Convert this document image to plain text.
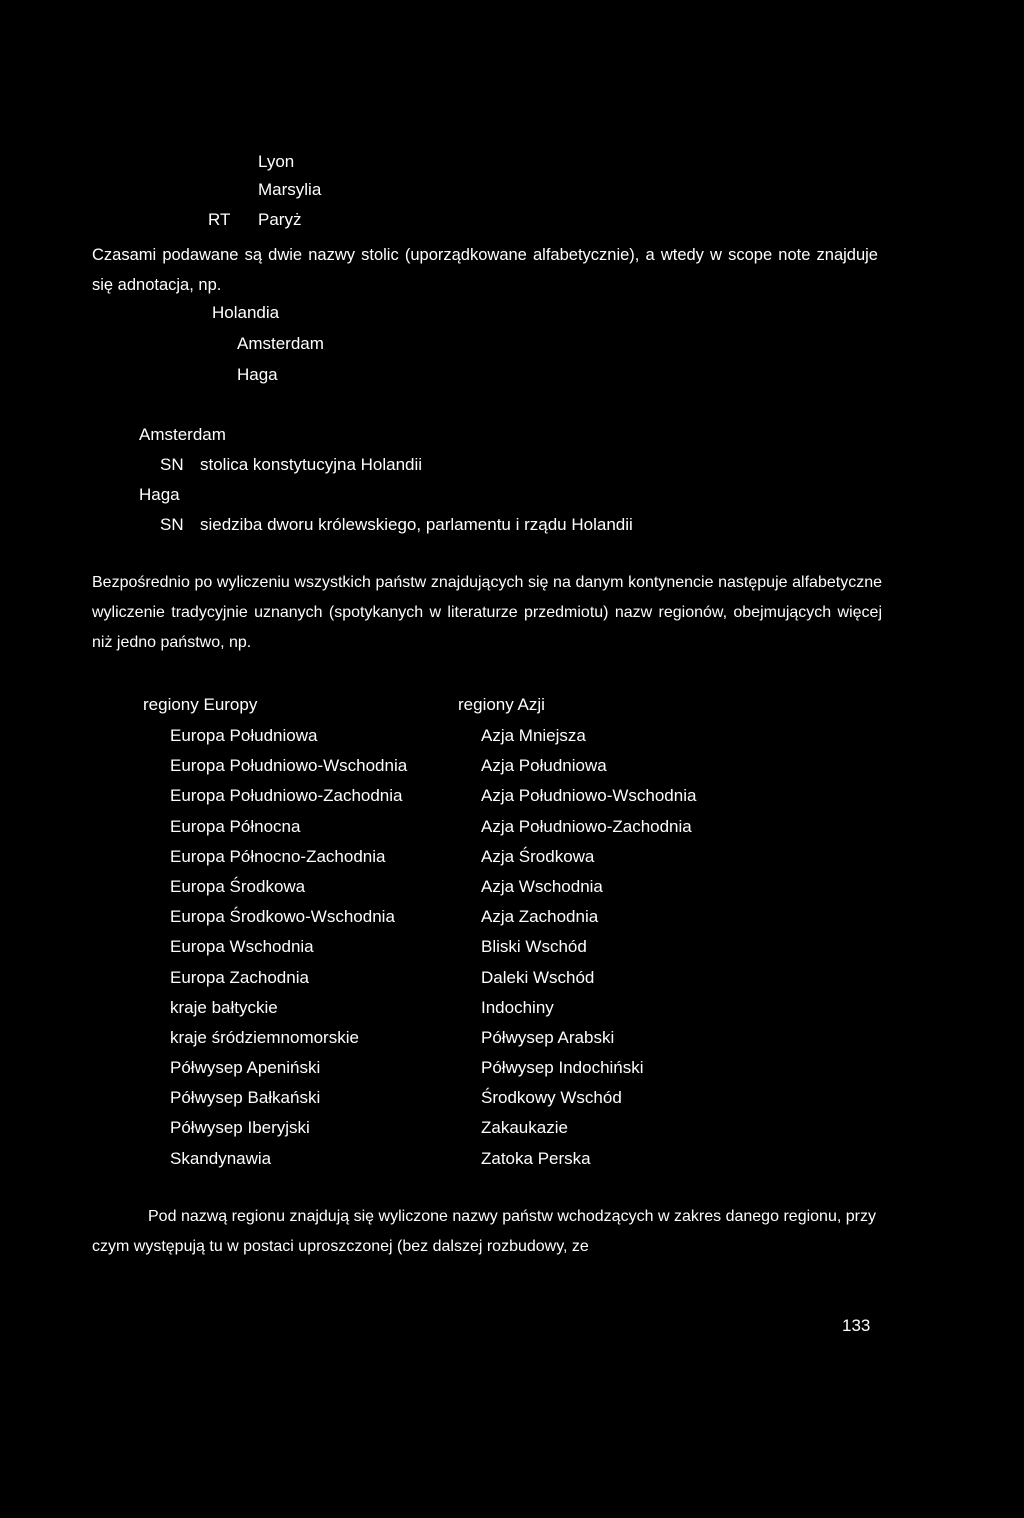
Lyon
Marsylia
RT Paryż
Czasami podawane są dwie nazwy stolic (uporządkowane alfabetycznie), a wtedy w scope note znajduje się adnotacja, np.
Holandia
Amsterdam
Haga
Amsterdam
SN stolica konstytucyjna Holandii
Haga
SN siedziba dworu królewskiego, parlamentu i rządu Holandii
Bezpośrednio po wyliczeniu wszystkich państw znajdujących się na danym kontynencie następuje alfabetyczne wyliczenie tradycyjnie uznanych (spotykanych w literaturze przedmiotu) nazw regionów, obejmujących więcej niż jedno państwo, np.
regiony Europy
Europa Południowa
Europa Południowo-Wschodnia
Europa Południowo-Zachodnia
Europa Północna
Europa Północno-Zachodnia
Europa Środkowa
Europa Środkowo-Wschodnia
Europa Wschodnia
Europa Zachodnia
kraje bałtyckie
kraje śródziemnomorskie
Półwysep Apeniński
Półwysep Bałkański
Półwysep Iberyjski
Skandynawia
regiony Azji
Azja Mniejsza
Azja Południowa
Azja Południowo-Wschodnia
Azja Południowo-Zachodnia
Azja Środkowa
Azja Wschodnia
Azja Zachodnia
Bliski Wschód
Daleki Wschód
Indochiny
Półwysep Arabski
Półwysep Indochiński
Środkowy Wschód
Zakaukazie
Zatoka Perska
Pod nazwą regionu znajdują się wyliczone nazwy państw wchodzących w zakres danego regionu, przy czym występują tu w postaci uproszczonej (bez dalszej rozbudowy, ze
133
